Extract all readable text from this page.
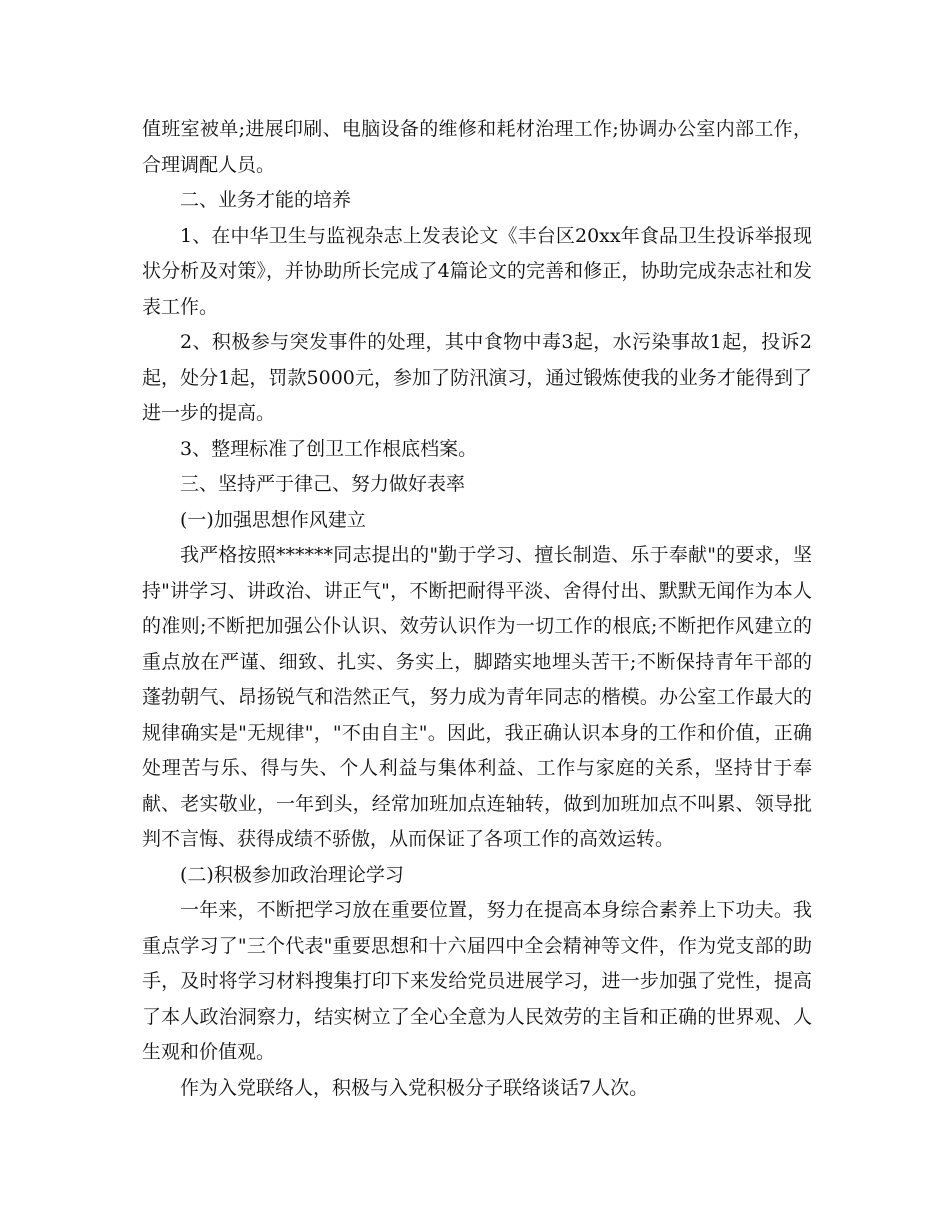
值班室被单;进展印刷、电脑设备的维修和耗材治理工作;协调办公室内部工作，合理调配人员。

二、业务才能的培养

1、在中华卫生与监视杂志上发表论文《丰台区20xx年食品卫生投诉举报现状分析及对策》，并协助所长完成了4篇论文的完善和修正，协助完成杂志社和发表工作。

2、积极参与突发事件的处理，其中食物中毒3起，水污染事故1起，投诉2起，处分1起，罚款5000元，参加了防汛演习，通过锻炼使我的业务才能得到了进一步的提高。

3、整理标准了创卫工作根底档案。

三、坚持严于律己、努力做好表率

(一)加强思想作风建立

我严格按照******同志提出的"勤于学习、擅长制造、乐于奉献"的要求，坚持"讲学习、讲政治、讲正气"，不断把耐得平淡、舍得付出、默默无闻作为本人的准则;不断把加强公仆认识、效劳认识作为一切工作的根底;不断把作风建立的重点放在严谨、细致、扎实、务实上，脚踏实地埋头苦干;不断保持青年干部的蓬勃朝气、昂扬锐气和浩然正气，努力成为青年同志的楷模。办公室工作最大的规律确实是"无规律"，"不由自主"。因此，我正确认识本身的工作和价值，正确处理苦与乐、得与失、个人利益与集体利益、工作与家庭的关系，坚持甘于奉献、老实敬业，一年到头，经常加班加点连轴转，做到加班加点不叫累、领导批判不言悔、获得成绩不骄傲，从而保证了各项工作的高效运转。

(二)积极参加政治理论学习

一年来，不断把学习放在重要位置，努力在提高本身综合素养上下功夫。我重点学习了"三个代表"重要思想和十六届四中全会精神等文件，作为党支部的助手，及时将学习材料搜集打印下来发给党员进展学习，进一步加强了党性，提高了本人政治洞察力，结实树立了全心全意为人民效劳的主旨和正确的世界观、人生观和价值观。

作为入党联络人，积极与入党积极分子联络谈话7人次。
